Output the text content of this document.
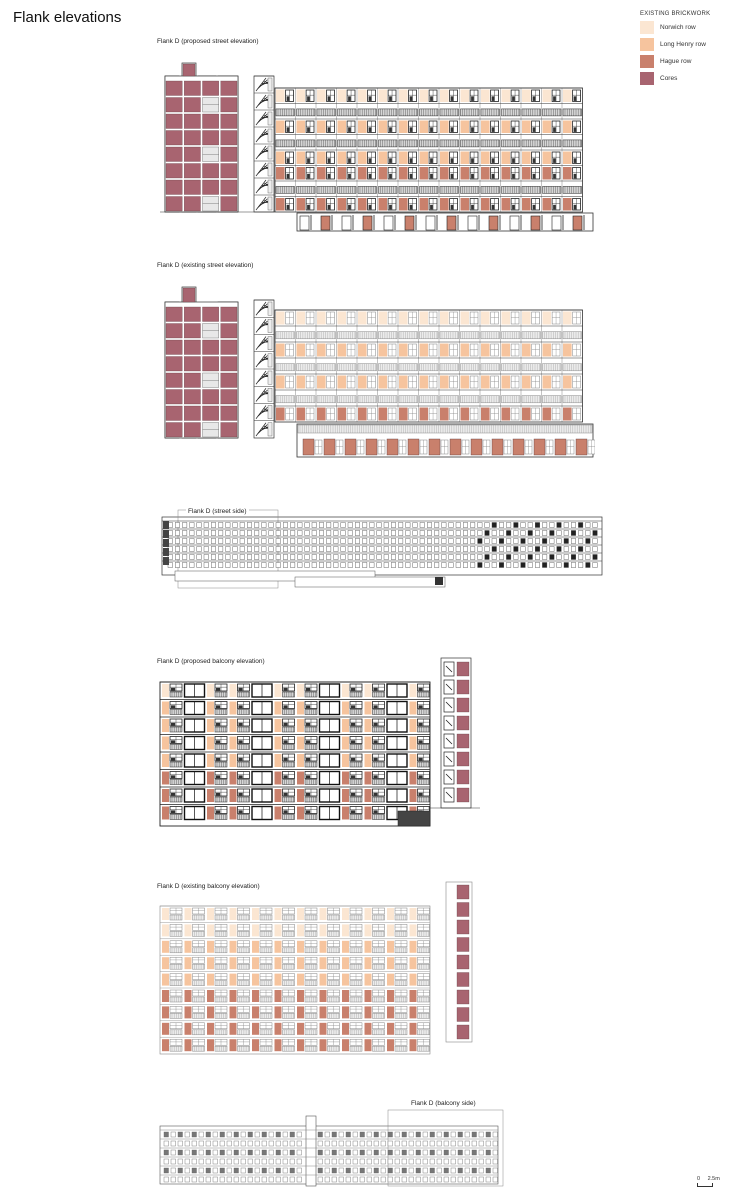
Flank elevations	EXISTING BRICKWORK
Norwich row
Long Henry row
Hague row
Cores
Flank D (proposed street elevation)
Flank D (existing street elevation)
Flank D (street side)
Flank D (proposed balcony elevation)
Flank D (existing balcony elevation)
Flank D (balcony side)
0 2.5m
